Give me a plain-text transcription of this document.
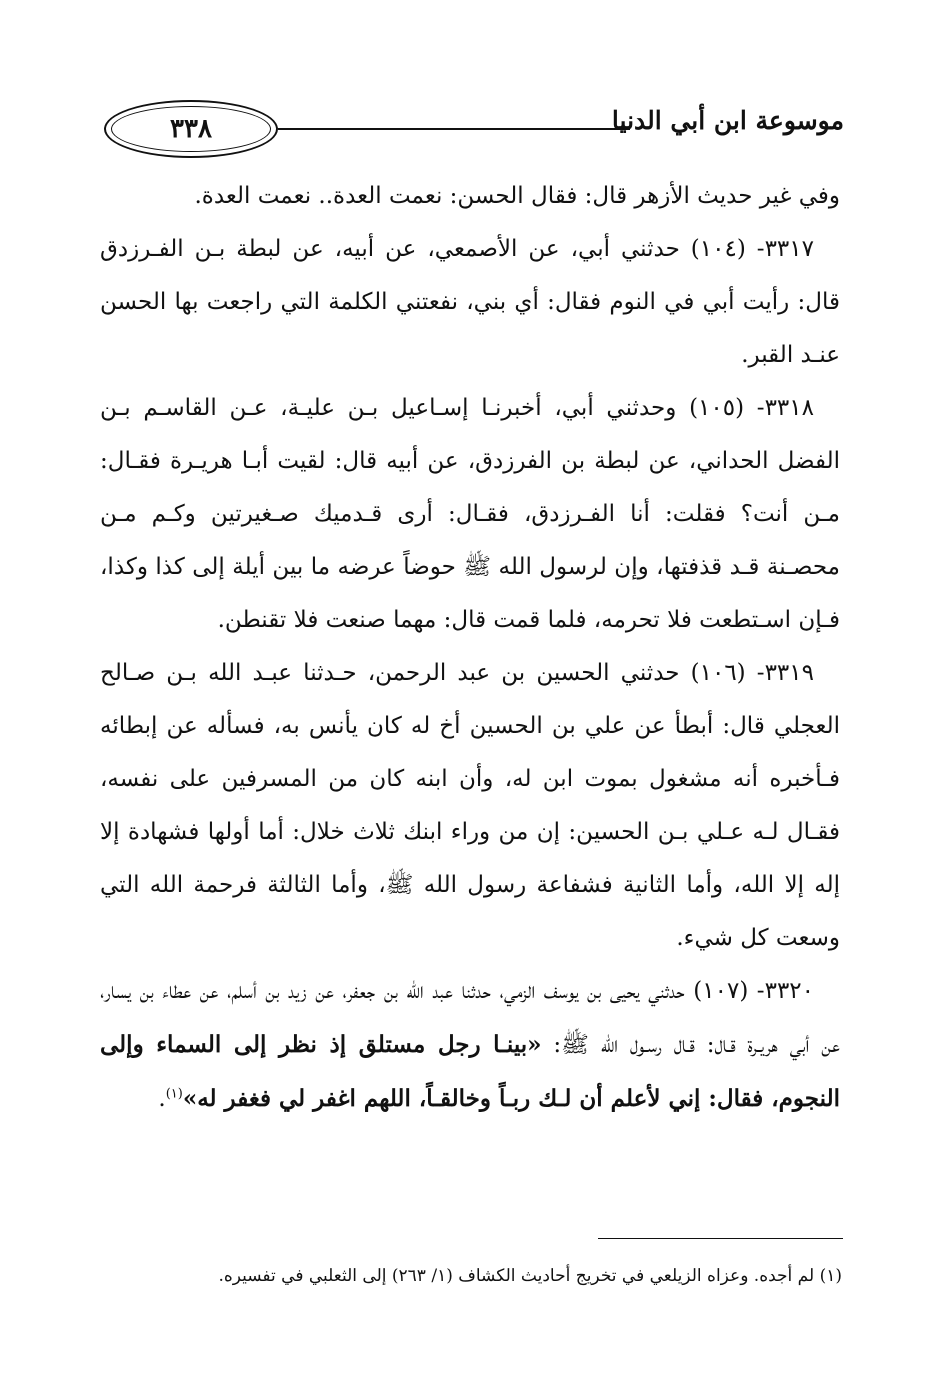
٣٣٨	موسوعة ابن أبي الدنيا

وفي غير حديث الأزهر قال: فقال الحسن: نعمت العدة.. نعمت العدة.

٣٣١٧- (١٠٤) حدثني أبي، عن الأصمعي، عن أبيه، عن لبطة بـن الفـرزدق قال: رأيت أبي في النوم فقال: أي بني، نفعتني الكلمة التي راجعت بها الحسن عنـد القبر.

٣٣١٨- (١٠٥) وحدثني أبي، أخبرنـا إسـاعيل بـن عليـة، عـن القاسـم بـن الفضل الحداني، عن لبطة بن الفرزدق، عن أبيه قال: لقيت أبـا هريـرة فقـال: مـن أنت؟ فقلت: أنا الفـرزدق، فقـال: أرى قـدميك صـغيرتين وكـم مـن محصـنة قـد قذفتها، وإن لرسول الله ﷺ حوضاً عرضه ما بين أيلة إلى كذا وكذا، فـإن اسـتطعت فلا تحرمه، فلما قمت قال: مهما صنعت فلا تقنطن.

٣٣١٩- (١٠٦) حدثني الحسين بن عبد الرحمن، حـدثنا عبـد الله بـن صـالح العجلي قال: أبطأ عن علي بن الحسين أخ له كان يأنس به، فسأله عن إبطائه فـأخبره أنه مشغول بموت ابن له، وأن ابنه كان من المسرفين على نفسه، فقـال لـه عـلي بـن الحسين: إن من وراء ابنك ثلاث خلال: أما أولها فشهادة إلا إله إلا الله، وأما الثانية فشفاعة رسول الله ﷺ، وأما الثالثة فرحمة الله التي وسعت كل شيء.

٣٣٢٠- (١٠٧) حدثني يحيى بن يوسف الزمي، حدثنا عبد الله بن جعفر، عن زيد بن أسلم، عن عطاء بن يسار، عن أبي هريـرة قـال: قـال رسـول الله ﷺ: «بينـا رجل مستلق إذ نظر إلى السماء وإلى النجوم، فقال: إني لأعلم أن لـك ربـاً وخالقـاً، اللهم اغفر لي فغفر له»$^{(١)}$.

(١) لم أجده. وعزاه الزيلعي في تخريج أحاديث الكشاف (١/ ٢٦٣) إلى الثعلبي في تفسيره.
